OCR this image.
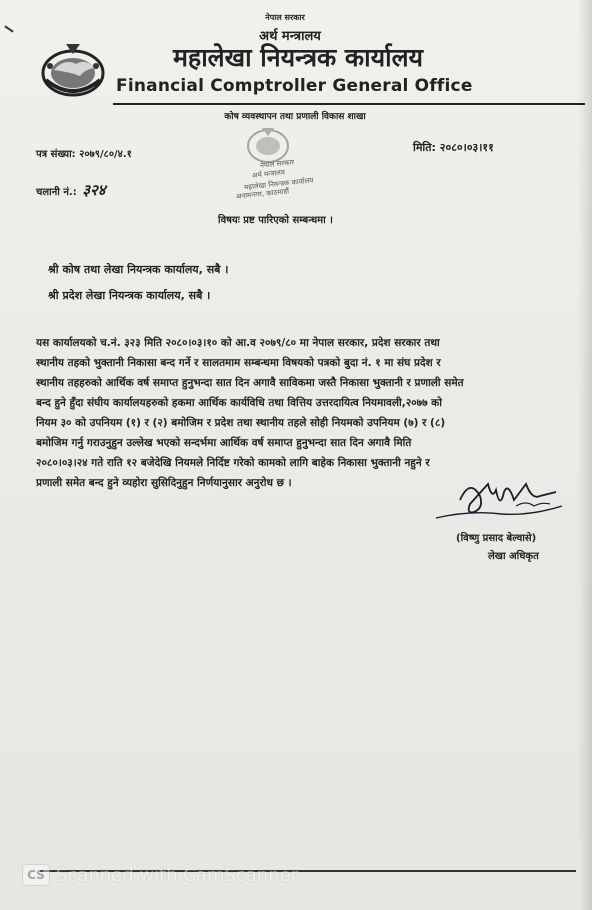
नेपाल सरकार
अर्थ मन्त्रालय
महालेखा नियन्त्रक कार्यालय
Financial Comptroller General Office
कोष व्यवस्थापन तथा प्रणाली विकास शाखा
पत्र संख्या: २०७९/८०/४.१
मिति: २०८०।०३।११
चलानी नं.: ३२४
नेपाल सरकार
अर्थ मन्त्रालय
महालेखा नियन्त्रक कार्यालय
अनामनगर, काठमाडौं
विषयः प्रष्ट पारिएको सम्बन्धमा ।
श्री कोष तथा लेखा नियन्त्रक कार्यालय, सबै ।
श्री प्रदेश लेखा नियन्त्रक कार्यालय, सबै ।
यस कार्यालयको च.नं. ३२३ मिति २०८०।०३।१० को आ.व २०७९/८० मा नेपाल सरकार, प्रदेश सरकार तथा
स्थानीय तहको भुक्तानी निकासा बन्द गर्ने र सालतमाम सम्बन्धमा विषयको पत्रको बुदा नं. १ मा संघ प्रदेश र
स्थानीय तहहरुको आर्थिक वर्ष समाप्त हुनुभन्दा सात दिन अगावै साविकमा जस्तै निकासा भुक्तानी र प्रणाली समेत
बन्द हुने हुँदा संघीय कार्यालयहरुको हकमा आर्थिक कार्यविधि तथा वित्तिय उत्तरदायित्व नियमावली,२०७७ को
नियम ३० को उपनियम (१) र (२) बमोजिम र प्रदेश तथा स्थानीय तहले सोही नियमको उपनियम (७) र (८)
बमोजिम गर्नु गराउनुहुन उल्लेख भएको सन्दर्भमा आर्थिक वर्ष समाप्त हुनुभन्दा सात दिन अगावै मिति
२०८०।०३।२४ गते राति १२ बजेदेखि नियमले निर्दिष्ट गरेको कामको लागि बाहेक निकासा भुक्तानी नहुने र
प्रणाली समेत बन्द हुने व्यहोरा सुसिदिनुहुन निर्णयानुसार अनुरोध छ ।
(विष्णु प्रसाद बेल्वासे)
लेखा अधिकृत
CS Scanned with CamScanner
